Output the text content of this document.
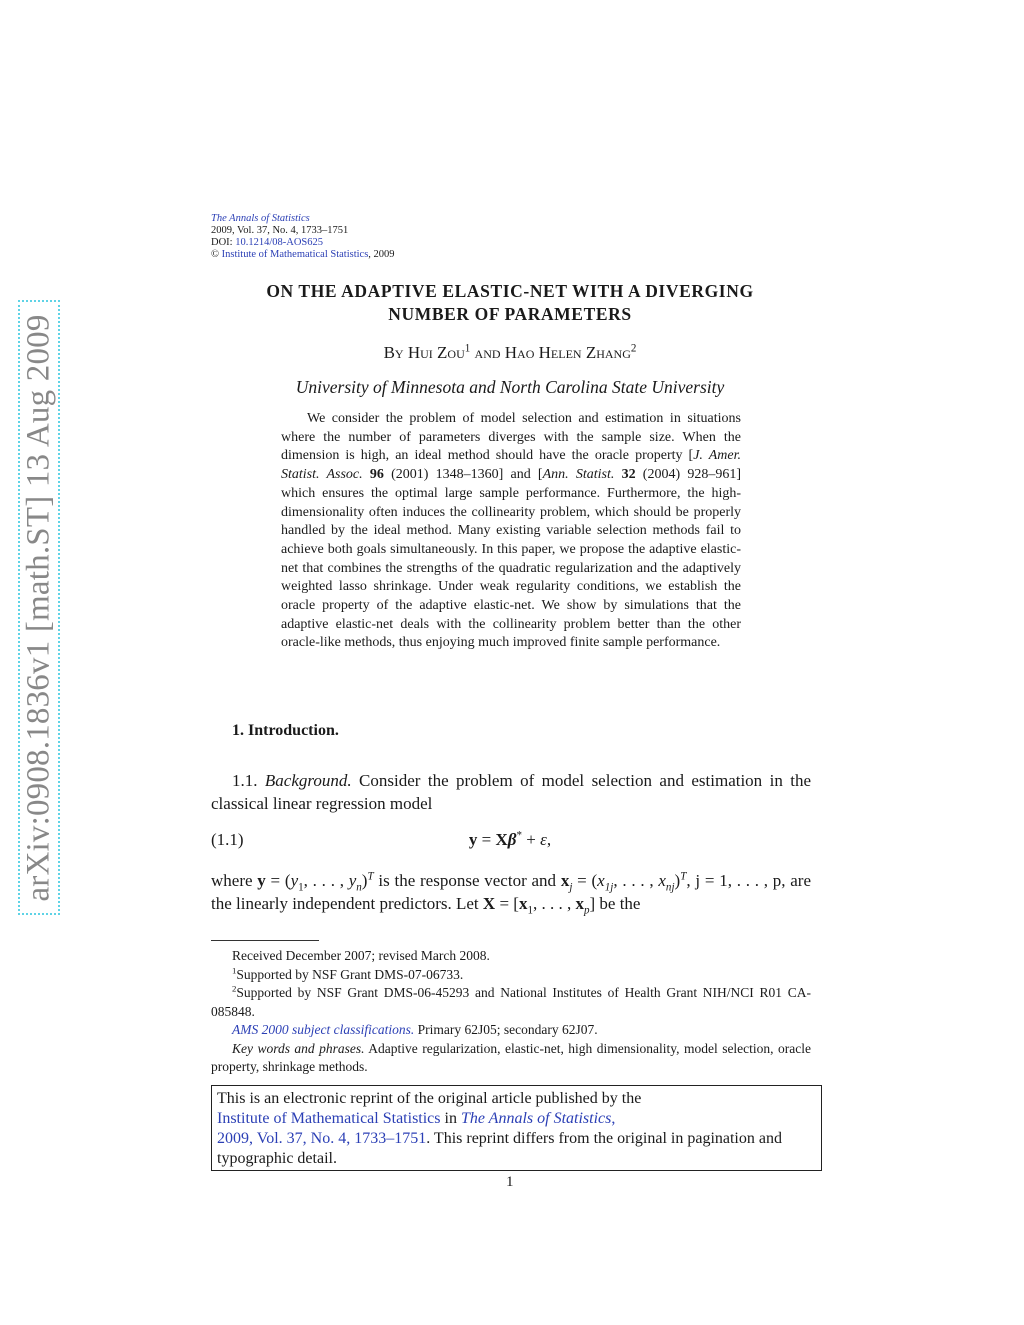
arXiv:0908.1836v1 [math.ST] 13 Aug 2009
The Annals of Statistics
2009, Vol. 37, No. 4, 1733–1751
DOI: 10.1214/08-AOS625
© Institute of Mathematical Statistics, 2009
ON THE ADAPTIVE ELASTIC-NET WITH A DIVERGING
NUMBER OF PARAMETERS
By Hui Zou$^1$ and Hao Helen Zhang$^2$
University of Minnesota and North Carolina State University
We consider the problem of model selection and estimation in situations where the number of parameters diverges with the sample size. When the dimension is high, an ideal method should have the oracle property [J. Amer. Statist. Assoc. 96 (2001) 1348–1360] and [Ann. Statist. 32 (2004) 928–961] which ensures the optimal large sample performance. Furthermore, the high-dimensionality often induces the collinearity problem, which should be properly handled by the ideal method. Many existing variable selection methods fail to achieve both goals simultaneously. In this paper, we propose the adaptive elastic-net that combines the strengths of the quadratic regularization and the adaptively weighted lasso shrinkage. Under weak regularity conditions, we establish the oracle property of the adaptive elastic-net. We show by simulations that the adaptive elastic-net deals with the collinearity problem better than the other oracle-like methods, thus enjoying much improved finite sample performance.
1. Introduction.
1.1. Background. Consider the problem of model selection and estimation in the classical linear regression model
(1.1)	y = Xβ* + ε,
where $y = (y_1$, . . . , $y_n)^T$ is the response vector and $x_j = (x_{1j}$, . . . , $x_{nj})^T$, j = 1, . . . , p, are the linearly independent predictors. Let $X = [x_1$, . . . , $x_p$] be the
Received December 2007; revised March 2008.
$^1$Supported by NSF Grant DMS-07-06733.
$^2$Supported by NSF Grant DMS-06-45293 and National Institutes of Health Grant NIH/NCI R01 CA-085848.
AMS 2000 subject classifications. Primary 62J05; secondary 62J07.
Key words and phrases. Adaptive regularization, elastic-net, high dimensionality, model selection, oracle property, shrinkage methods.
This is an electronic reprint of the original article published by the
Institute of Mathematical Statistics in The Annals of Statistics,
2009, Vol. 37, No. 4, 1733–1751. This reprint differs from the original in pagination and typographic detail.
1
